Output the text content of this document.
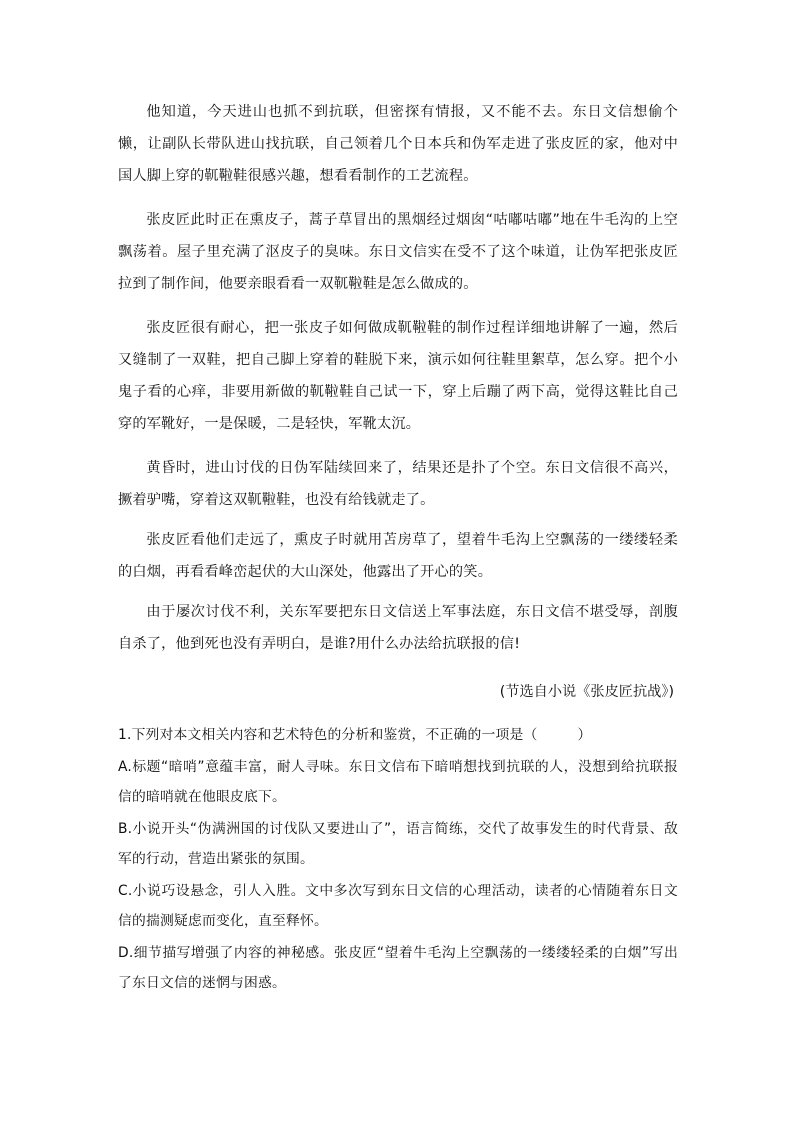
他知道，今天进山也抓不到抗联，但密探有情报，又不能不去。东日文信想偷个懒，让副队长带队进山找抗联，自己领着几个日本兵和伪军走进了张皮匠的家，他对中国人脚上穿的靰鞡鞋很感兴趣，想看看制作的工艺流程。

张皮匠此时正在熏皮子，蒿子草冒出的黑烟经过烟囱“咕嘟咕嘟”地在牛毛沟的上空飘荡着。屋子里充满了沤皮子的臭味。东日文信实在受不了这个味道，让伪军把张皮匠拉到了制作间，他要亲眼看看一双靰鞡鞋是怎么做成的。

张皮匠很有耐心，把一张皮子如何做成靰鞡鞋的制作过程详细地讲解了一遍，然后又缝制了一双鞋，把自己脚上穿着的鞋脱下来，演示如何往鞋里絮草，怎么穿。把个小鬼子看的心痒，非要用新做的靰鞡鞋自己试一下，穿上后蹦了两下高，觉得这鞋比自己穿的军靴好，一是保暖，二是轻快，军靴太沉。

黄昏时，进山讨伐的日伪军陆续回来了，结果还是扑了个空。东日文信很不高兴，撅着驴嘴，穿着这双靰鞡鞋，也没有给钱就走了。

张皮匠看他们走远了，熏皮子时就用苫房草了，望着牛毛沟上空飘荡的一缕缕轻柔的白烟，再看看峰峦起伏的大山深处，他露出了开心的笑。

由于屡次讨伐不利，关东军要把东日文信送上军事法庭，东日文信不堪受辱，剖腹自杀了，他到死也没有弄明白，是谁?用什么办法给抗联报的信!

(节选自小说《张皮匠抗战》)

1.下列对本文相关内容和艺术特色的分析和鉴赏，不正确的一项是（	）

A.标题“暗哨”意蕴丰富，耐人寻味。东日文信布下暗哨想找到抗联的人，没想到给抗联报信的暗哨就在他眼皮底下。

B.小说开头“伪满洲国的讨伐队又要进山了”，语言简练，交代了故事发生的时代背景、敌军的行动，营造出紧张的氛围。

C.小说巧设悬念，引人入胜。文中多次写到东日文信的心理活动，读者的心情随着东日文信的揣测疑虑而变化，直至释怀。

D.细节描写增强了内容的神秘感。张皮匠“望着牛毛沟上空飘荡的一缕缕轻柔的白烟”写出了东日文信的迷惘与困惑。
